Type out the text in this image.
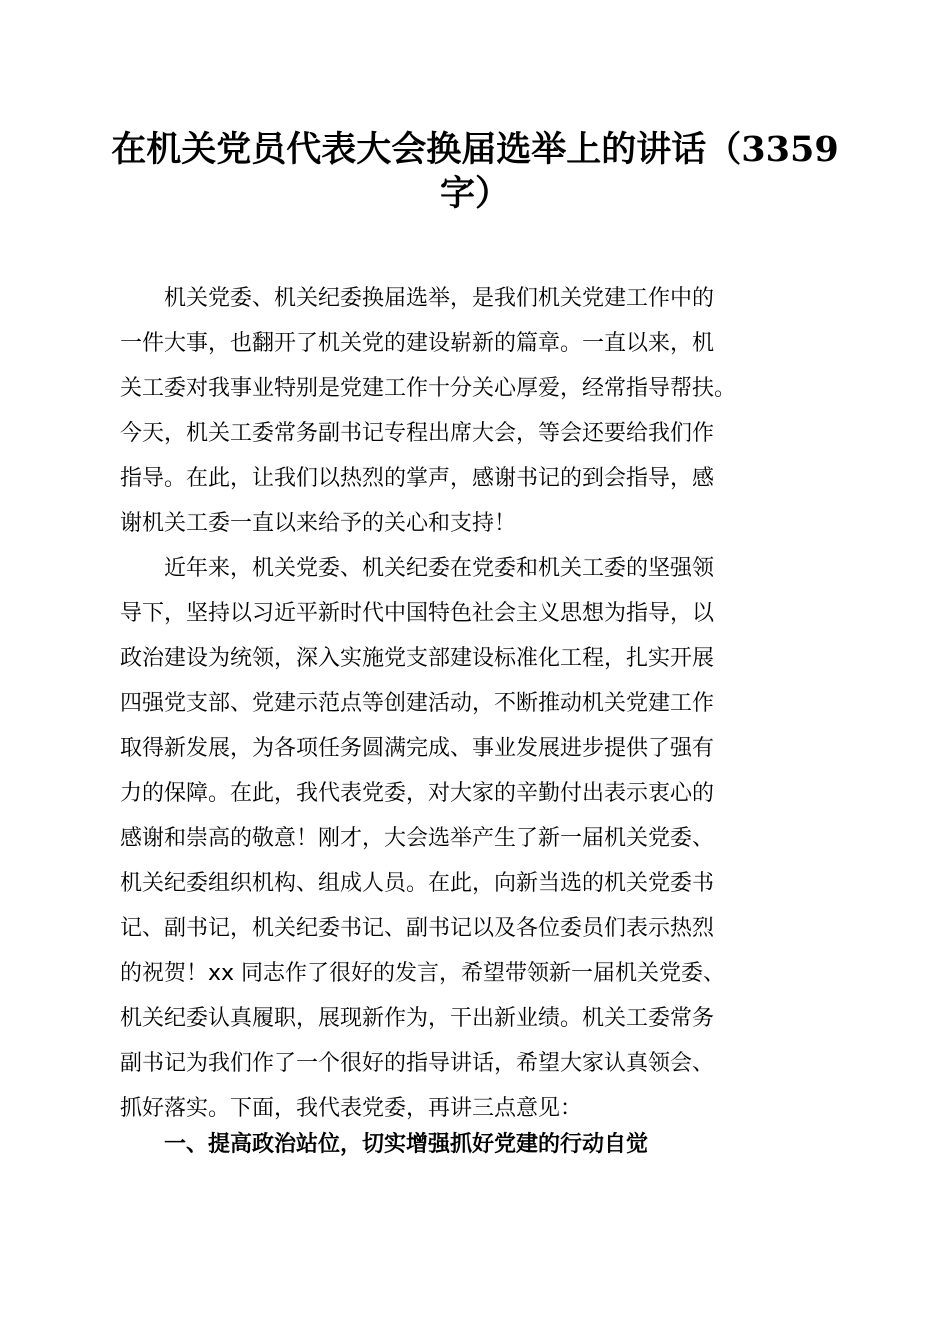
在机关党员代表大会换届选举上的讲话（3359
字）

机关党委、机关纪委换届选举，是我们机关党建工作中的

一件大事，也翻开了机关党的建设崭新的篇章。一直以来，机
关工委对我事业特别是党建工作十分关心厚爱，经常指导帮扶。
今天，机关工委常务副书记专程出席大会，等会还要给我们作
指导。在此，让我们以热烈的掌声，感谢书记的到会指导，感
谢机关工委一直以来给予的关心和支持！

近年来，机关党委、机关纪委在党委和机关工委的坚强领

导下，坚持以习近平新时代中国特色社会主义思想为指导，以
政治建设为统领，深入实施党支部建设标准化工程，扎实开展
四强党支部、党建示范点等创建活动，不断推动机关党建工作
取得新发展，为各项任务圆满完成、事业发展进步提供了强有
力的保障。在此，我代表党委，对大家的辛勤付出表示衷心的
感谢和崇高的敬意！刚才，大会选举产生了新一届机关党委、
机关纪委组织机构、组成人员。在此，向新当选的机关党委书
记、副书记，机关纪委书记、副书记以及各位委员们表示热烈
的祝贺！xx 同志作了很好的发言，希望带领新一届机关党委、
机关纪委认真履职，展现新作为，干出新业绩。机关工委常务
副书记为我们作了一个很好的指导讲话，希望大家认真领会、
抓好落实。下面，我代表党委，再讲三点意见：
一、提高政治站位，切实增强抓好党建的行动自觉
